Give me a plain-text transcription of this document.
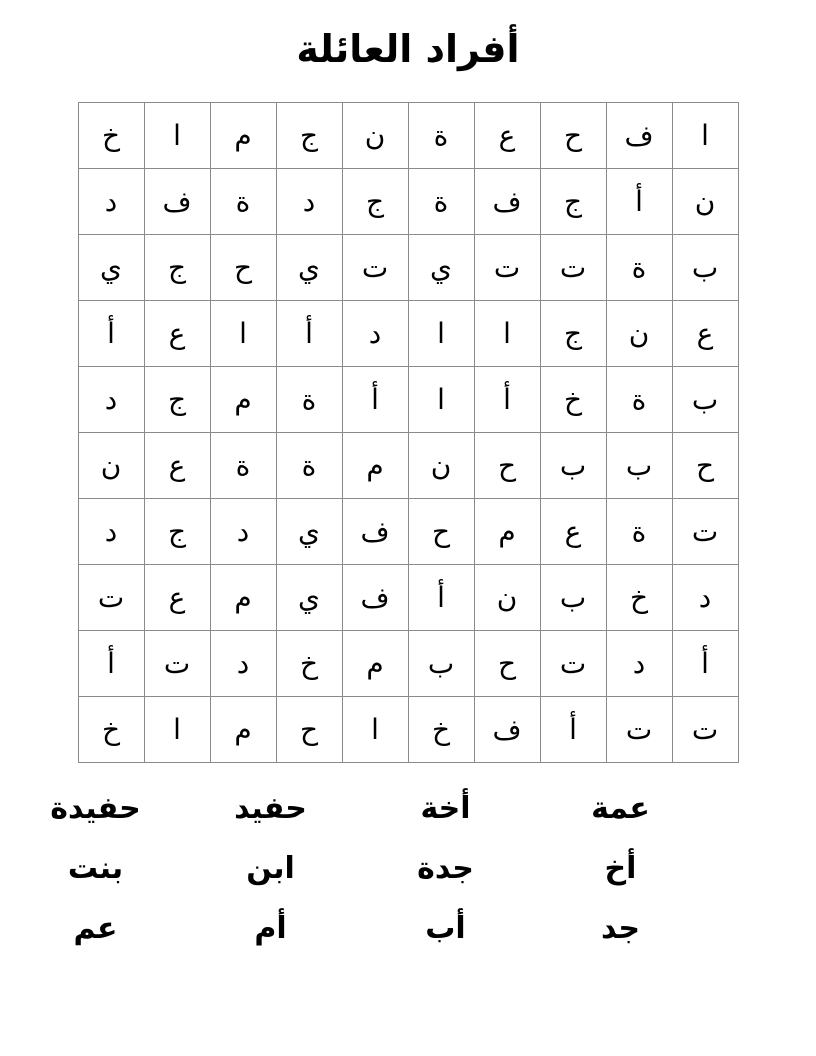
أفراد العائلة
خ	ا	م	ج	ن	ة	ع	ح	ف	ا
د	ف	ة	د	ج	ة	ف	ج	أ	ن
ي	ج	ح	ي	ت	ي	ت	ت	ة	ب
أ	ع	ا	أ	د	ا	ا	ج	ن	ع
د	ج	م	ة	أ	ا	أ	خ	ة	ب
ن	ع	ة	ة	م	ن	ح	ب	ب	ح
د	ج	د	ي	ف	ح	م	ع	ة	ت
ت	ع	م	ي	ف	أ	ن	ب	خ	د
أ	ت	د	خ	م	ب	ح	ت	د	أ
خ	ا	م	ح	ا	خ	ف	أ	ت	ت
عمة
أخة
حفيد
حفيدة
أخ
جدة
ابن
بنت
جد
أب
أم
عم
